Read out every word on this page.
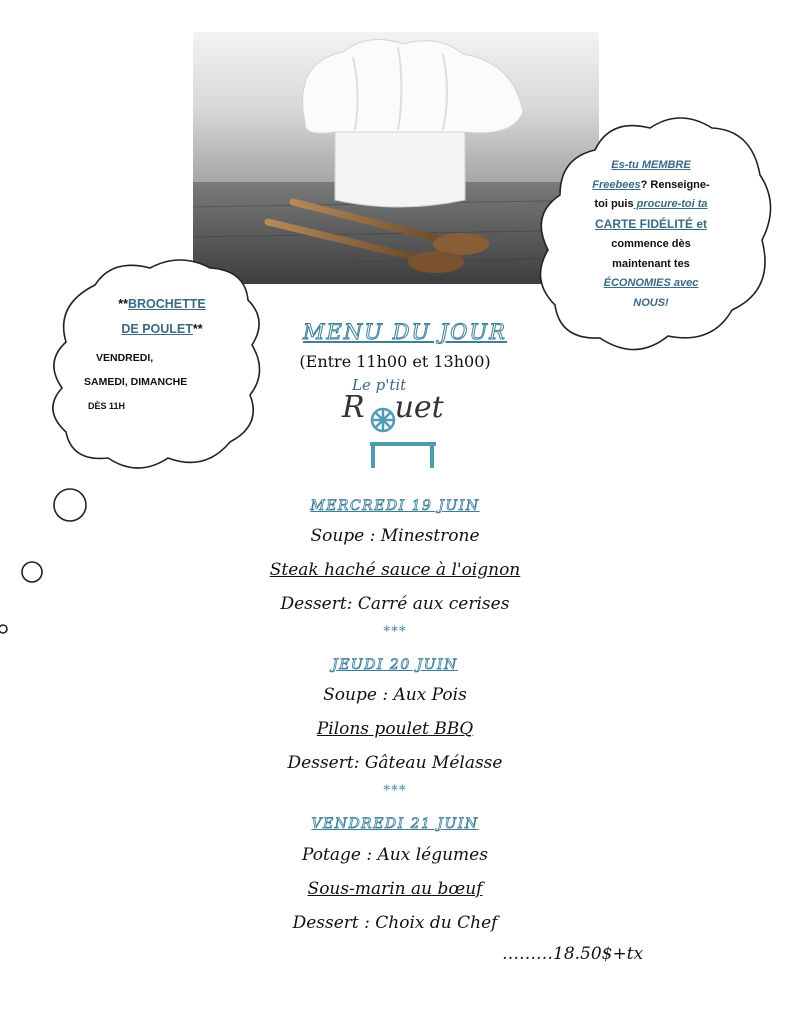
Es-tu MEMBRE
Freebees? Renseigne-
toi puis procure-toi ta
CARTE FIDÉLITÉ et
commence dès
maintenant tes
ÉCONOMIES avec
NOUS!
**BROCHETTE
DE POULET**
VENDREDI,
SAMEDI, DIMANCHE
DÈS 11H
MENU DU JOUR
(Entre 11h00 et 13h00)
Le p'tit
R uet
MERCREDI 19 JUIN
Soupe : Minestrone
Steak haché sauce à l'oignon
Dessert: Carré aux cerises
***
JEUDI 20 JUIN
Soupe : Aux Pois
Pilons poulet BBQ
Dessert: Gâteau Mélasse
***
VENDREDI 21 JUIN
Potage : Aux légumes
Sous-marin au bœuf
Dessert : Choix du Chef
………18.50$+tx
